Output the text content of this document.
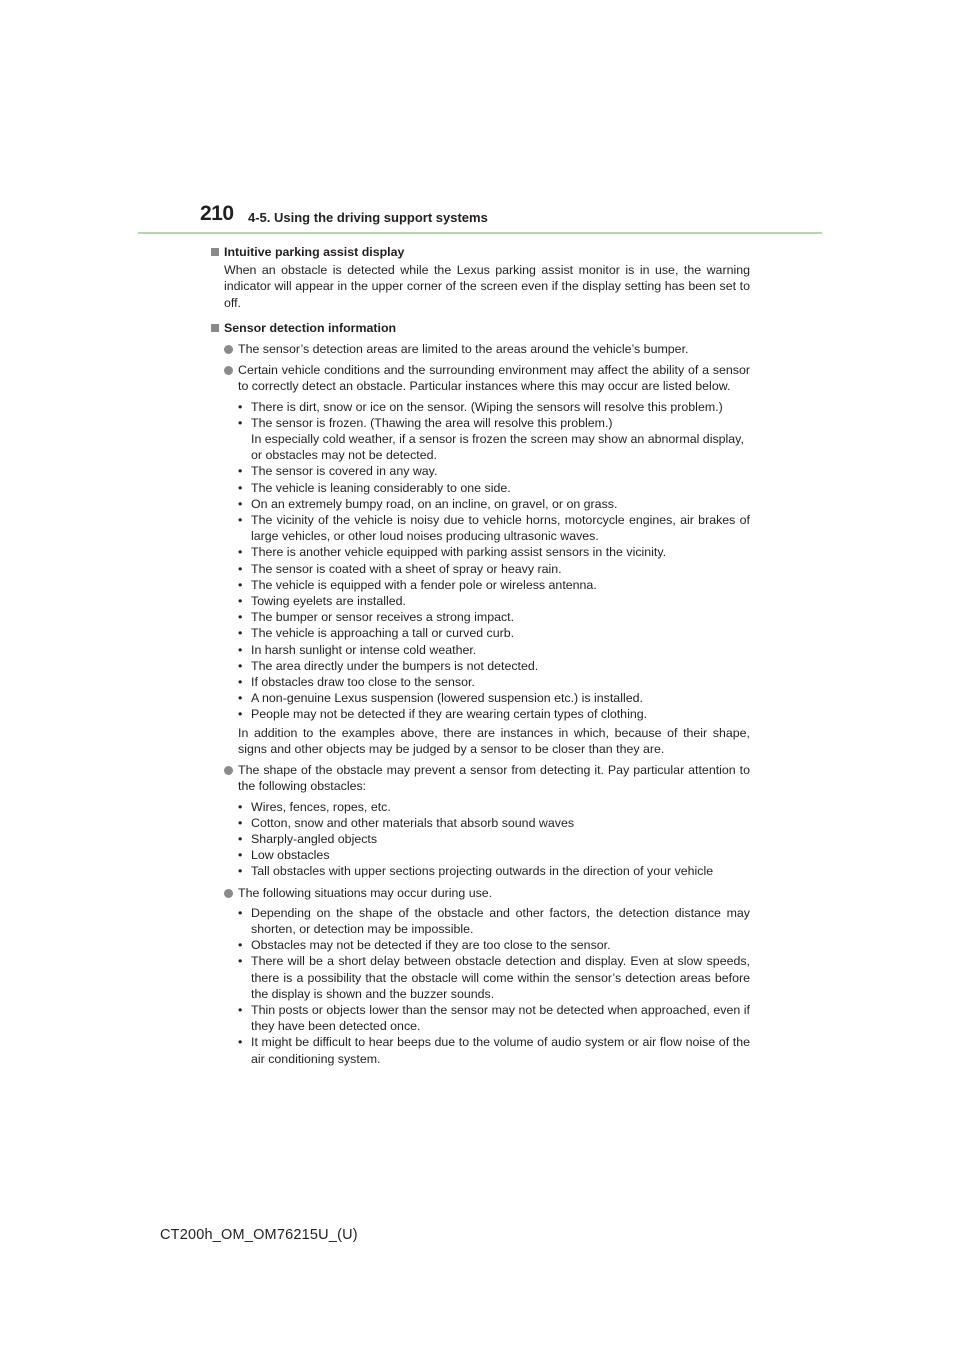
210 4-5. Using the driving support systems
Intuitive parking assist display
When an obstacle is detected while the Lexus parking assist monitor is in use, the warning indicator will appear in the upper corner of the screen even if the display setting has been set to off.
Sensor detection information
The sensor’s detection areas are limited to the areas around the vehicle’s bumper.
Certain vehicle conditions and the surrounding environment may affect the ability of a sensor to correctly detect an obstacle. Particular instances where this may occur are listed below.
• There is dirt, snow or ice on the sensor. (Wiping the sensors will resolve this problem.)
• The sensor is frozen. (Thawing the area will resolve this problem.)
In especially cold weather, if a sensor is frozen the screen may show an abnormal display, or obstacles may not be detected.
• The sensor is covered in any way.
• The vehicle is leaning considerably to one side.
• On an extremely bumpy road, on an incline, on gravel, or on grass.
• The vicinity of the vehicle is noisy due to vehicle horns, motorcycle engines, air brakes of large vehicles, or other loud noises producing ultrasonic waves.
• There is another vehicle equipped with parking assist sensors in the vicinity.
• The sensor is coated with a sheet of spray or heavy rain.
• The vehicle is equipped with a fender pole or wireless antenna.
• Towing eyelets are installed.
• The bumper or sensor receives a strong impact.
• The vehicle is approaching a tall or curved curb.
• In harsh sunlight or intense cold weather.
• The area directly under the bumpers is not detected.
• If obstacles draw too close to the sensor.
• A non-genuine Lexus suspension (lowered suspension etc.) is installed.
• People may not be detected if they are wearing certain types of clothing.
In addition to the examples above, there are instances in which, because of their shape, signs and other objects may be judged by a sensor to be closer than they are.
The shape of the obstacle may prevent a sensor from detecting it. Pay particular attention to the following obstacles:
• Wires, fences, ropes, etc.
• Cotton, snow and other materials that absorb sound waves
• Sharply-angled objects
• Low obstacles
• Tall obstacles with upper sections projecting outwards in the direction of your vehicle
The following situations may occur during use.
• Depending on the shape of the obstacle and other factors, the detection distance may shorten, or detection may be impossible.
• Obstacles may not be detected if they are too close to the sensor.
• There will be a short delay between obstacle detection and display. Even at slow speeds, there is a possibility that the obstacle will come within the sensor’s detection areas before the display is shown and the buzzer sounds.
• Thin posts or objects lower than the sensor may not be detected when approached, even if they have been detected once.
• It might be difficult to hear beeps due to the volume of audio system or air flow noise of the air conditioning system.
CT200h_OM_OM76215U_(U)
